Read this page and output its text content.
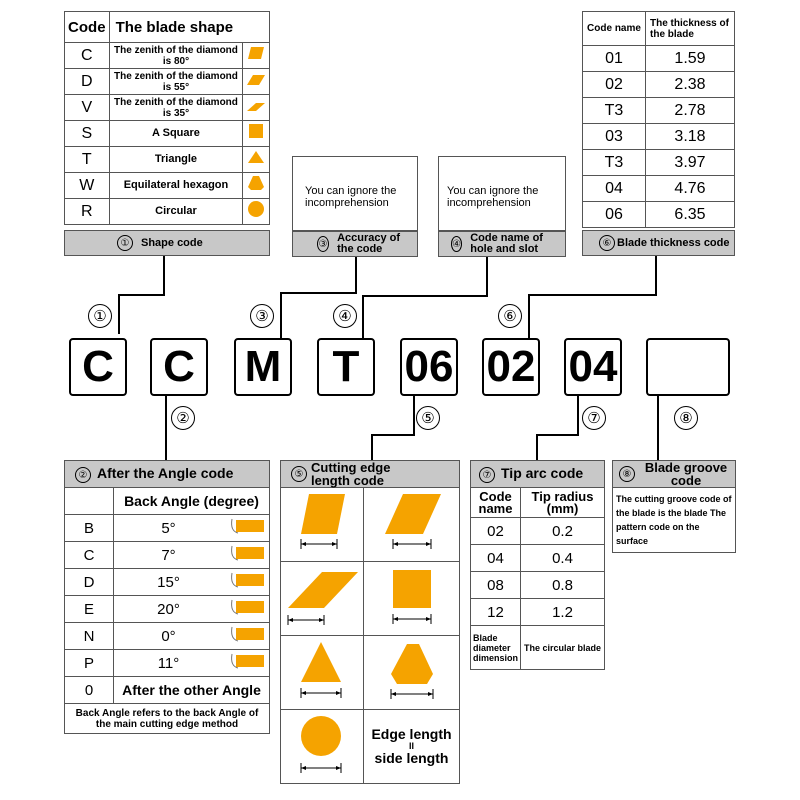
Code	The blade shape	
C	The zenith of the diamond is 80°	
D	The zenith of the diamond is 55°	
V	The zenith of the diamond is 35°	
S	A Square	
T	Triangle	
W	Equilateral hexagon	
R	Circular	
①	Shape code
You can ignore the incomprehension
③ Accuracy of the code
You can ignore the incomprehension
④ Code name of hole and slot
Code name	The thickness of the blade
01	1.59
02	2.38
T3	2.78
03	3.18
T3	3.97
04	4.76
06	6.35
⑥ Blade thickness code
①	③	④	⑥
C C M	T	06 02 04
②	⑤	⑦	⑧
② After the Angle code		
	Back Angle (degree)	
B	5°	
C	7°	
D	15°	
E	20°	
N	0°	
P	11°	
0	After the other Angle	
Back Angle refers to the back Angle of the main cutting edge method		
⑤ Cutting edge length code	

Edge length
II
side length
⑦ Tip arc code	
Code name	Tip radius (mm)
02	0.2
04	0.4
08	0.8
12	1.2
Blade diameter dimension	The circular blade
⑧ Blade groove code
The cutting groove code of the blade is the blade The pattern code on the surface
